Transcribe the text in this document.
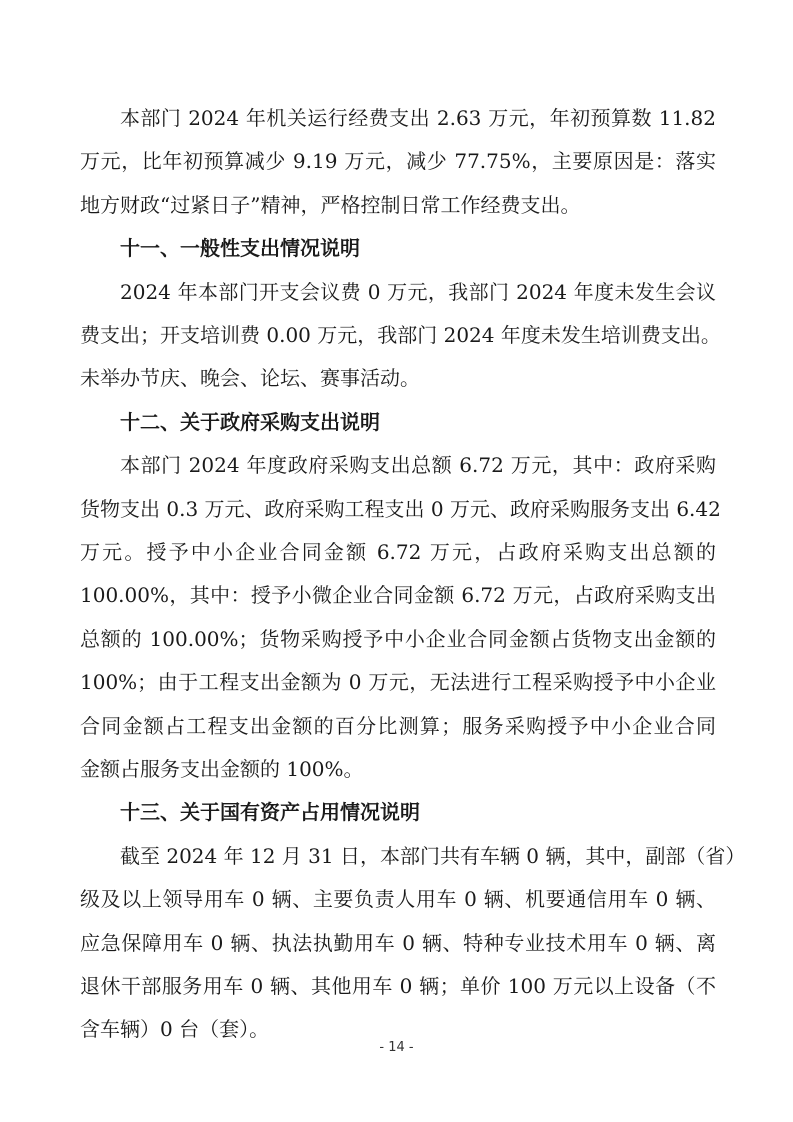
本部门 2024 年机关运行经费支出 2.63 万元，年初预算数 11.82
万元，比年初预算减少 9.19 万元，减少 77.75%，主要原因是：落实
地方财政“过紧日子”精神，严格控制日常工作经费支出。
十一、一般性支出情况说明
2024 年本部门开支会议费 0 万元，我部门 2024 年度未发生会议
费支出；开支培训费 0.00 万元，我部门 2024 年度未发生培训费支出。
未举办节庆、晚会、论坛、赛事活动。
十二、关于政府采购支出说明
本部门 2024 年度政府采购支出总额 6.72 万元，其中：政府采购
货物支出 0.3 万元、政府采购工程支出 0 万元、政府采购服务支出 6.42
万元。授予中小企业合同金额 6.72 万元，占政府采购支出总额的
100.00%，其中：授予小微企业合同金额 6.72 万元，占政府采购支出
总额的 100.00%；货物采购授予中小企业合同金额占货物支出金额的
100%；由于工程支出金额为 0 万元，无法进行工程采购授予中小企业
合同金额占工程支出金额的百分比测算；服务采购授予中小企业合同
金额占服务支出金额的 100%。
十三、关于国有资产占用情况说明
截至 2024 年 12 月 31 日，本部门共有车辆 0 辆，其中，副部（省）
级及以上领导用车 0 辆、主要负责人用车 0 辆、机要通信用车 0 辆、
应急保障用车 0 辆、执法执勤用车 0 辆、特种专业技术用车 0 辆、离
退休干部服务用车 0 辆、其他用车 0 辆；单价 100 万元以上设备（不
含车辆）0 台（套）。
- 14 -
